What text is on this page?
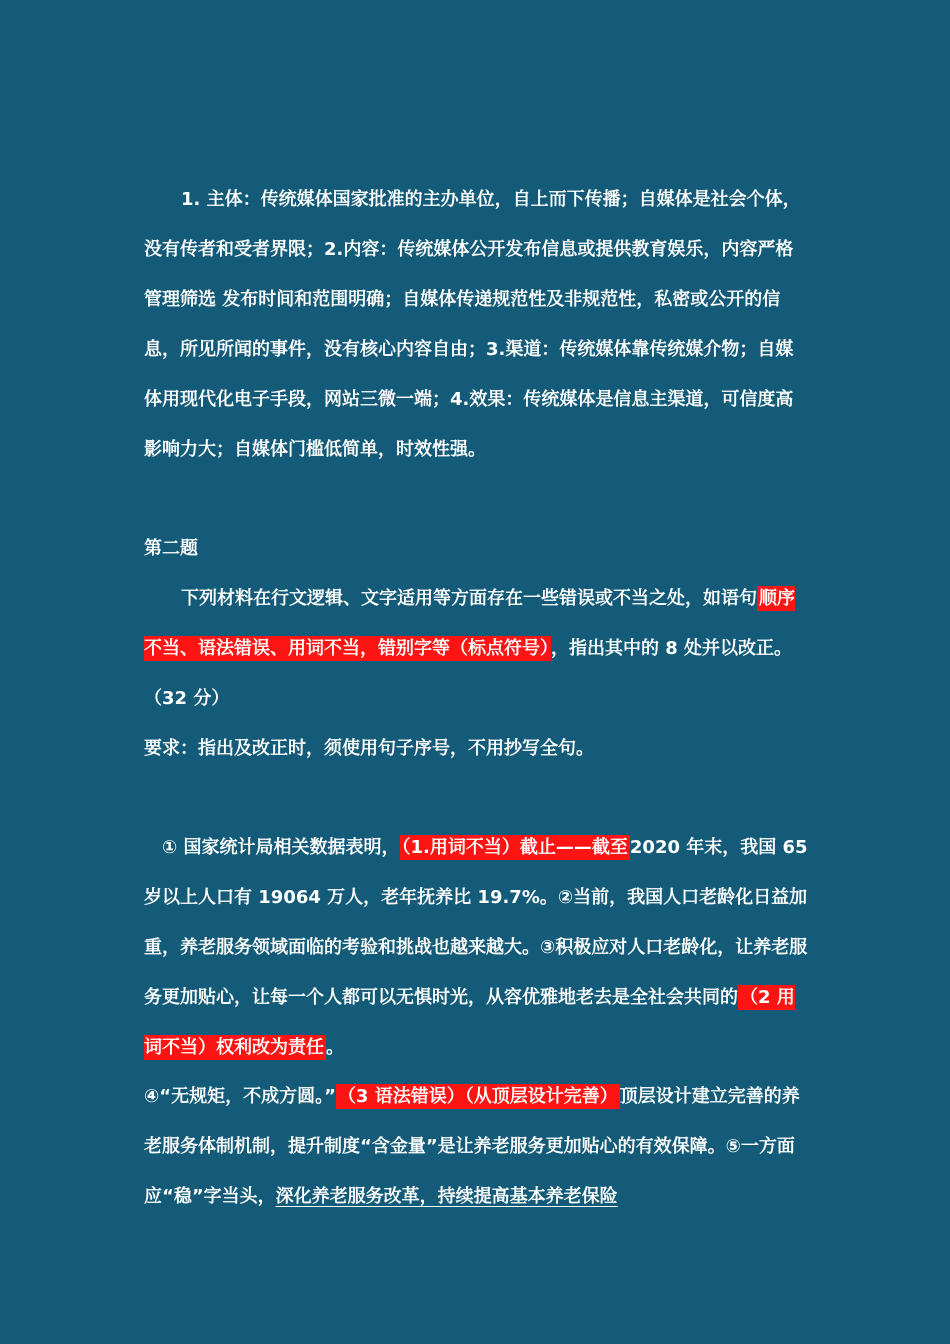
1. 主体：传统媒体国家批准的主办单位，自上而下传播；自媒体是社会个体，没有传者和受者界限；2.内容：传统媒体公开发布信息或提供教育娱乐，内容严格管理筛选 发布时间和范围明确；自媒体传递规范性及非规范性，私密或公开的信息，所见所闻的事件，没有核心内容自由；3.渠道：传统媒体靠传统媒介物；自媒体用现代化电子手段，网站三微一端；4.效果：传统媒体是信息主渠道，可信度高影响力大；自媒体门槛低简单，时效性强。
第二题
下列材料在行文逻辑、文字适用等方面存在一些错误或不当之处，如语句 顺序不当、语法错误、用词不当，错别字等（标点符号） ，指出其中的 8 处并以改正。（32 分）
要求：指出及改正时，须使用句子序号，不用抄写全句。
① 国家统计局相关数据表明， （1.用词不当）截止——截至 2020 年末，我国 65 岁以上人口有 19064 万人，老年抚养比 19.7%。②当前，我国人口老龄化日益加重，养老服务领域面临的考验和挑战也越来越大。③积极应对人口老龄化，让养老服务更加贴心，让每一个人都可以无惧时光，从容优雅地老去是全社会共同的 （2 用词不当）权利改为责任 。
④“无规矩，不成方圆。” （3 语法错误）（从顶层设计完善） 顶层设计建立完善的养老服务体制机制，提升制度“含金量”是让养老服务更加贴心的有效保障。⑤一方面应“稳”字当头，深化养老服务改革，持续提高基本养老保险
